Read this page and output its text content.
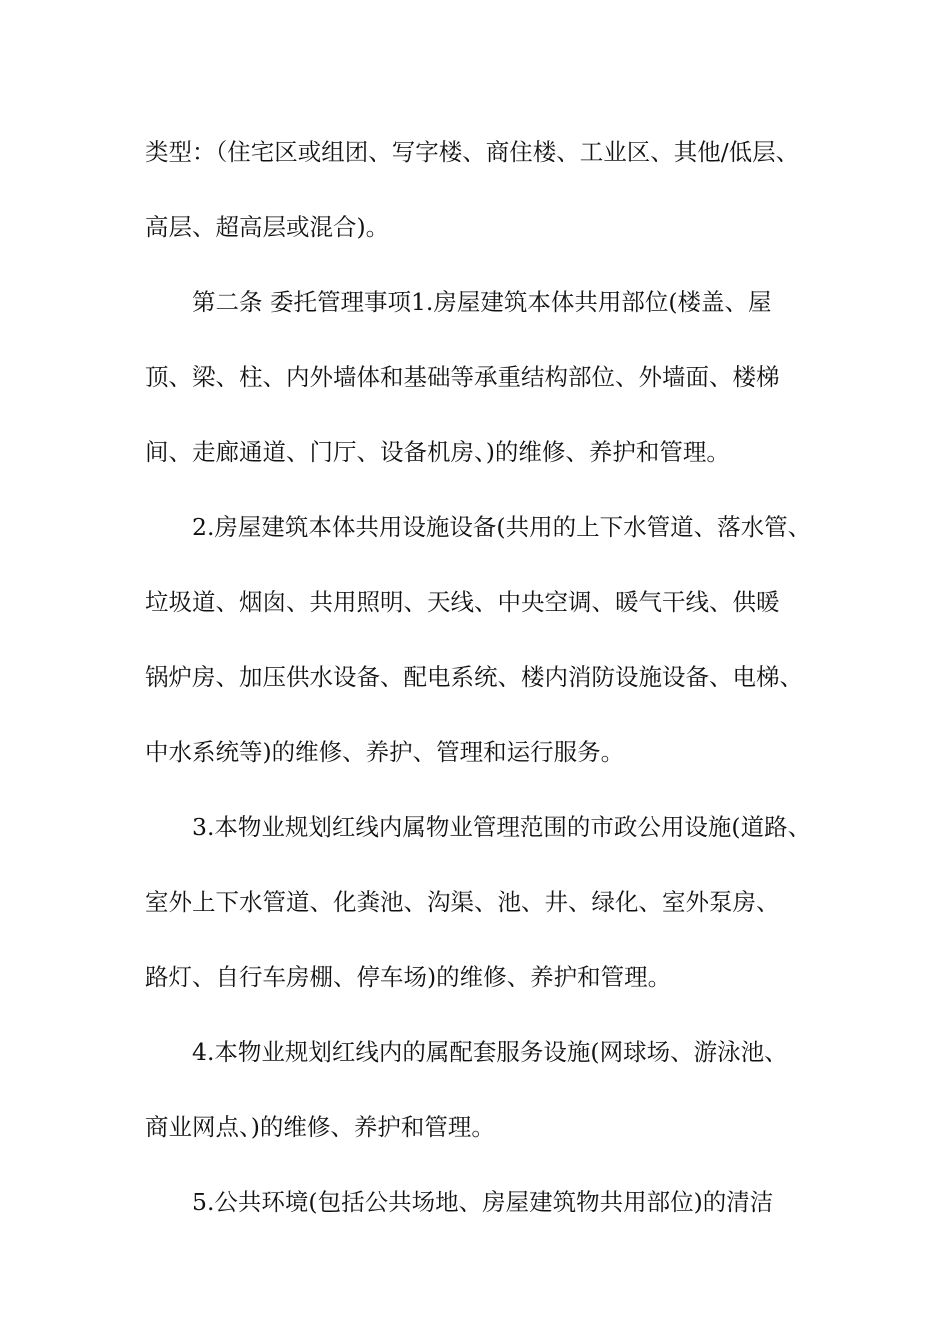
类型：（住宅区或组团、写字楼、商住楼、工业区、其他/低层、
高层、超高层或混合)。
第二条 委托管理事项1.房屋建筑本体共用部位(楼盖、屋
顶、梁、柱、内外墙体和基础等承重结构部位、外墙面、楼梯
间、走廊通道、门厅、设备机房、)的维修、养护和管理。
2.房屋建筑本体共用设施设备(共用的上下水管道、落水管、
垃圾道、烟囱、共用照明、天线、中央空调、暖气干线、供暖
锅炉房、加压供水设备、配电系统、楼内消防设施设备、电梯、
中水系统等)的维修、养护、管理和运行服务。
3.本物业规划红线内属物业管理范围的市政公用设施(道路、
室外上下水管道、化粪池、沟渠、池、井、绿化、室外泵房、
路灯、自行车房棚、停车场)的维修、养护和管理。
4.本物业规划红线内的属配套服务设施(网球场、游泳池、
商业网点、)的维修、养护和管理。
5.公共环境(包括公共场地、房屋建筑物共用部位)的清洁
